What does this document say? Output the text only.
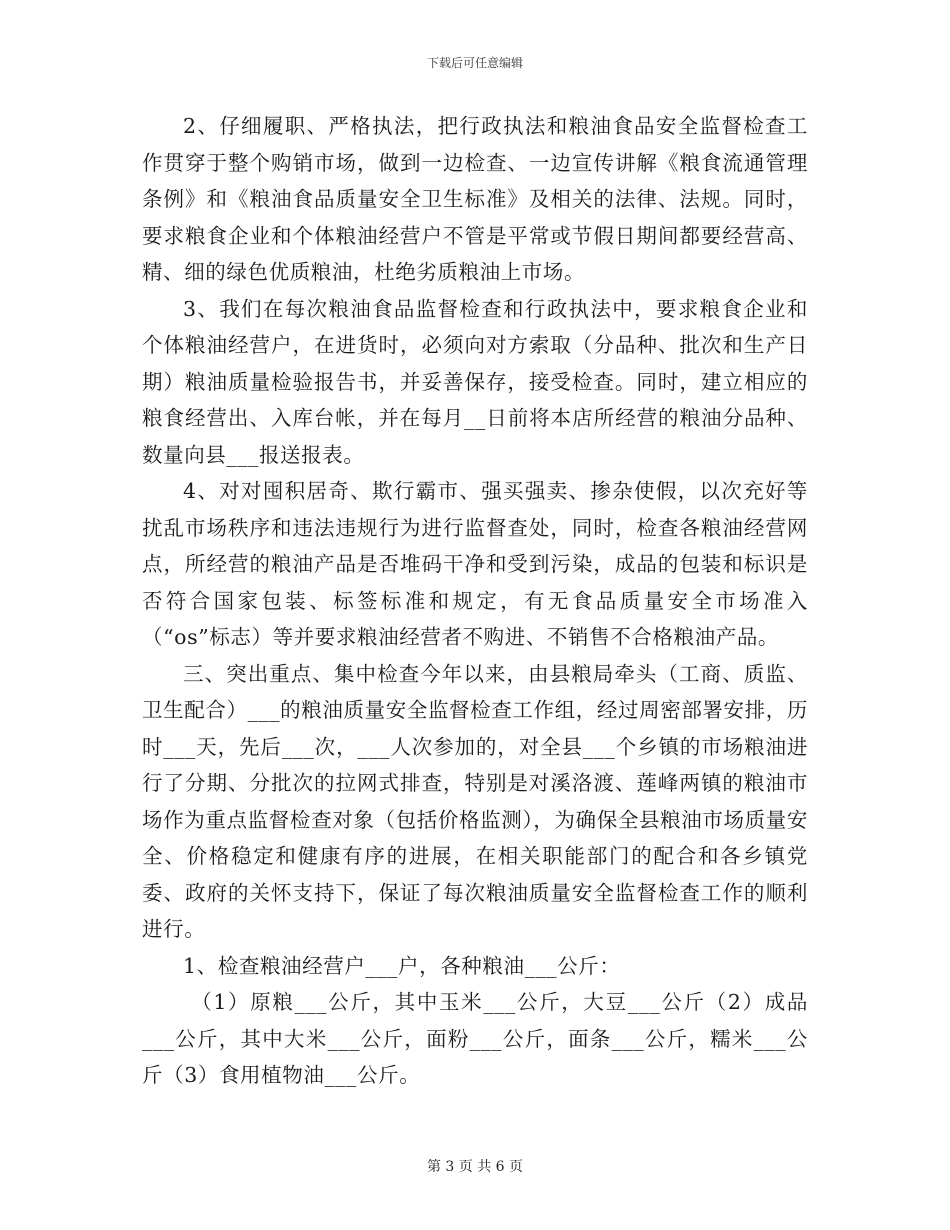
下载后可任意编辑

2、仔细履职、严格执法，把行政执法和粮油食品安全监督检查工作贯穿于整个购销市场，做到一边检查、一边宣传讲解《粮食流通管理条例》和《粮油食品质量安全卫生标准》及相关的法律、法规。同时，要求粮食企业和个体粮油经营户不管是平常或节假日期间都要经营高、精、细的绿色优质粮油，杜绝劣质粮油上市场。

3、我们在每次粮油食品监督检查和行政执法中，要求粮食企业和个体粮油经营户，在进货时，必须向对方索取（分品种、批次和生产日期）粮油质量检验报告书，并妥善保存，接受检查。同时，建立相应的粮食经营出、入库台帐，并在每月__日前将本店所经营的粮油分品种、数量向县___报送报表。

4、对对囤积居奇、欺行霸市、强买强卖、掺杂使假，以次充好等扰乱市场秩序和违法违规行为进行监督查处，同时，检查各粮油经营网点，所经营的粮油产品是否堆码干净和受到污染，成品的包装和标识是否符合国家包装、标签标准和规定，有无食品质量安全市场准入（“os”标志）等并要求粮油经营者不购进、不销售不合格粮油产品。

三、突出重点、集中检查今年以来，由县粮局牵头（工商、质监、卫生配合）___的粮油质量安全监督检查工作组，经过周密部署安排，历时___天，先后___次，___人次参加的，对全县___个乡镇的市场粮油进行了分期、分批次的拉网式排查，特别是对溪洛渡、莲峰两镇的粮油市场作为重点监督检查对象（包括价格监测），为确保全县粮油市场质量安全、价格稳定和健康有序的进展，在相关职能部门的配合和各乡镇党委、政府的关怀支持下，保证了每次粮油质量安全监督检查工作的顺利进行。

1、检查粮油经营户___户，各种粮油___公斤：

（1）原粮___公斤，其中玉米___公斤，大豆___公斤（2）成品___公斤，其中大米___公斤，面粉___公斤，面条___公斤，糯米___公斤（3）食用植物油___公斤。

第 3 页 共 6 页
